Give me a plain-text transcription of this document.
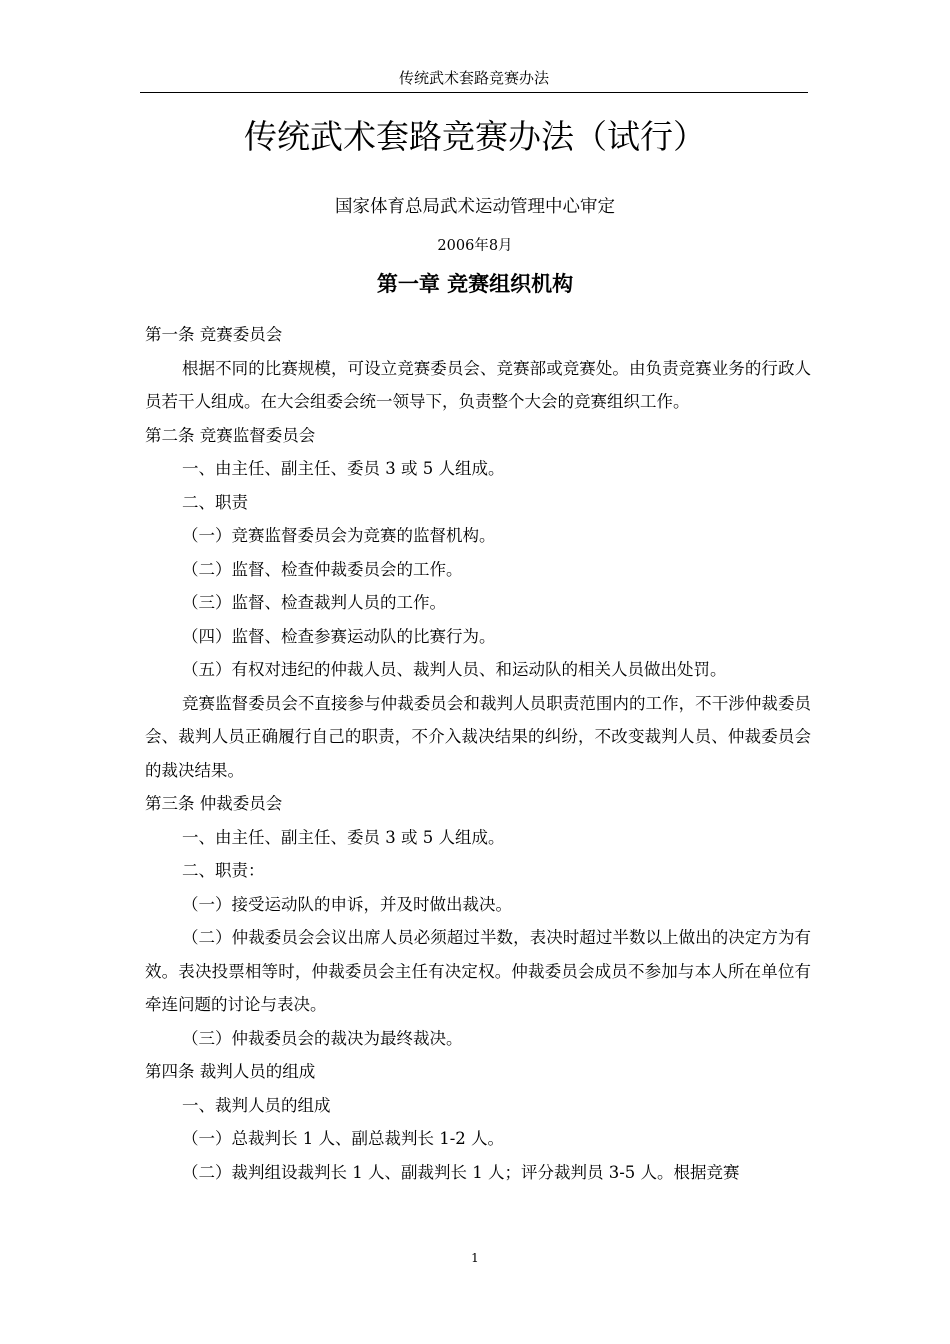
传统武术套路竞赛办法
传统武术套路竞赛办法（试行）
国家体育总局武术运动管理中心审定
2006年8月
第一章 竞赛组织机构

第一条 竞赛委员会

根据不同的比赛规模，可设立竞赛委员会、竞赛部或竞赛处。由负责竞赛业务的行政人员若干人组成。在大会组委会统一领导下，负责整个大会的竞赛组织工作。

第二条 竞赛监督委员会

一、由主任、副主任、委员 3 或 5 人组成。

二、职责

（一）竞赛监督委员会为竞赛的监督机构。

（二）监督、检查仲裁委员会的工作。

（三）监督、检查裁判人员的工作。

（四）监督、检查参赛运动队的比赛行为。

（五）有权对违纪的仲裁人员、裁判人员、和运动队的相关人员做出处罚。

竞赛监督委员会不直接参与仲裁委员会和裁判人员职责范围内的工作，不干涉仲裁委员会、裁判人员正确履行自己的职责，不介入裁决结果的纠纷，不改变裁判人员、仲裁委员会的裁决结果。

第三条 仲裁委员会

一、由主任、副主任、委员 3 或 5 人组成。

二、职责：

（一）接受运动队的申诉，并及时做出裁决。

（二）仲裁委员会会议出席人员必须超过半数，表决时超过半数以上做出的决定方为有效。表决投票相等时，仲裁委员会主任有决定权。仲裁委员会成员不参加与本人所在单位有牵连问题的讨论与表决。

（三）仲裁委员会的裁决为最终裁决。

第四条 裁判人员的组成

一、裁判人员的组成

（一）总裁判长 1 人、副总裁判长 1-2 人。

（二）裁判组设裁判长 1 人、副裁判长 1 人；评分裁判员 3-5 人。根据竞赛

1
